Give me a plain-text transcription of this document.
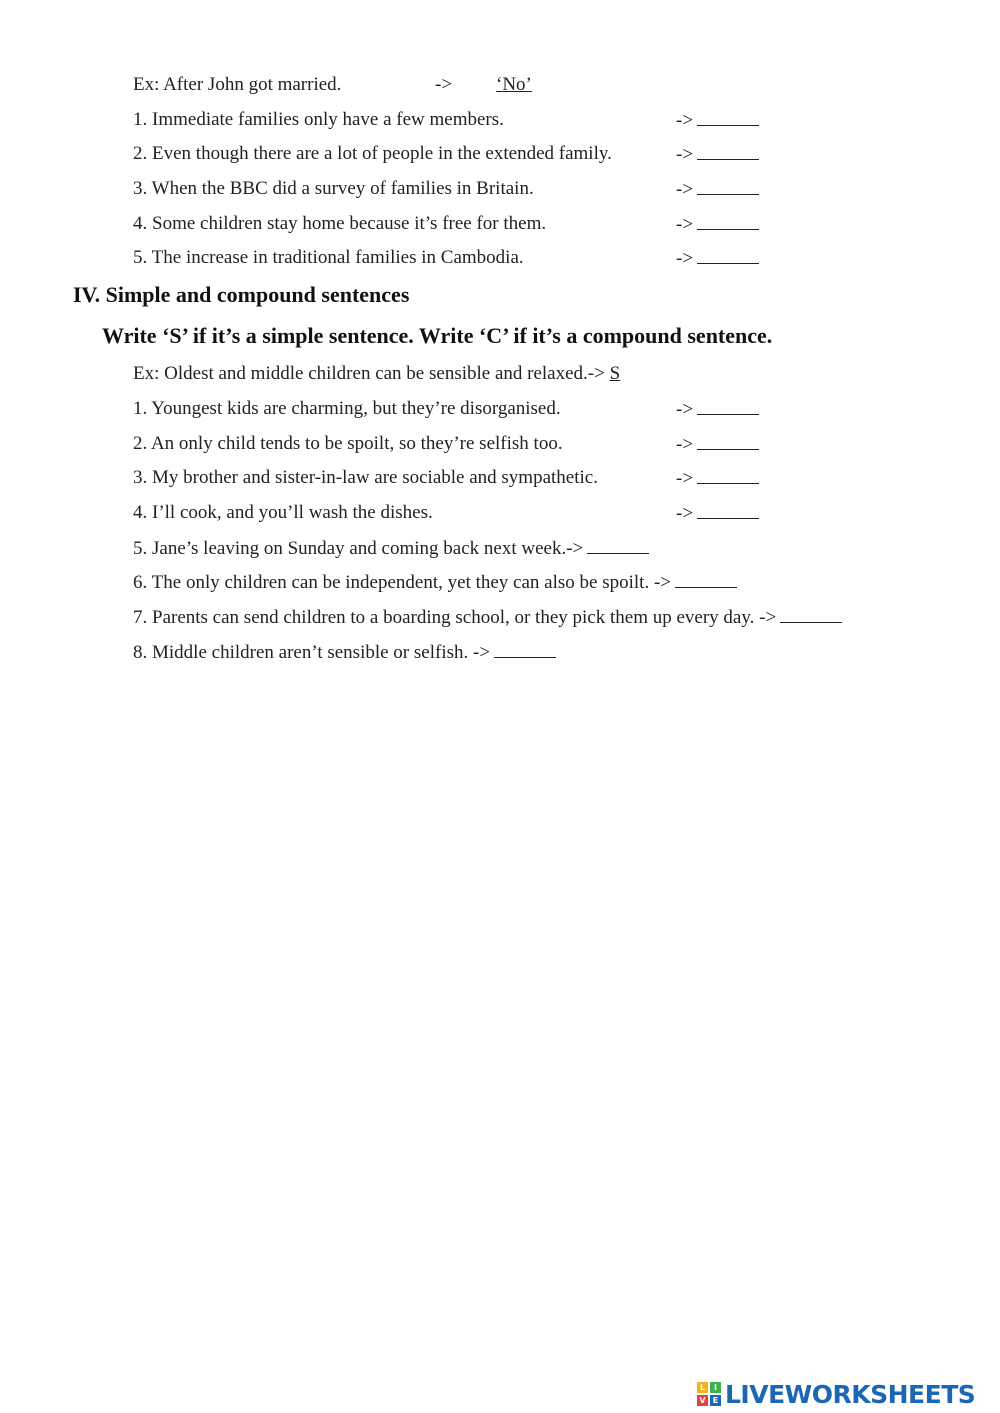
Ex: After John got married.	-> ‘No’
1. Immediate families only have a few members.	->
2. Even though there are a lot of people in the extended family.	->
3. When the BBC did a survey of families in Britain.	->
4. Some children stay home because it’s free for them.	->
5. The increase in traditional families in Cambodia.	->
IV. Simple and compound sentences
Write ‘S’ if it’s a simple sentence. Write ‘C’ if it’s a compound sentence.
Ex: Oldest and middle children can be sensible and relaxed.-> S
1. Youngest kids are charming, but they’re disorganised.	->
2. An only child tends to be spoilt, so they’re selfish too.	->
3. My brother and sister-in-law are sociable and sympathetic.	->
4. I’ll cook, and you’ll wash the dishes.	->
5. Jane’s leaving on Sunday and coming back next week.->
6. The only children can be independent, yet they can also be spoilt. ->
7. Parents can send children to a boarding school, or they pick them up every day. ->
8. Middle children aren’t sensible or selfish. ->
L	I
V E LIVEWORKSHEETS
